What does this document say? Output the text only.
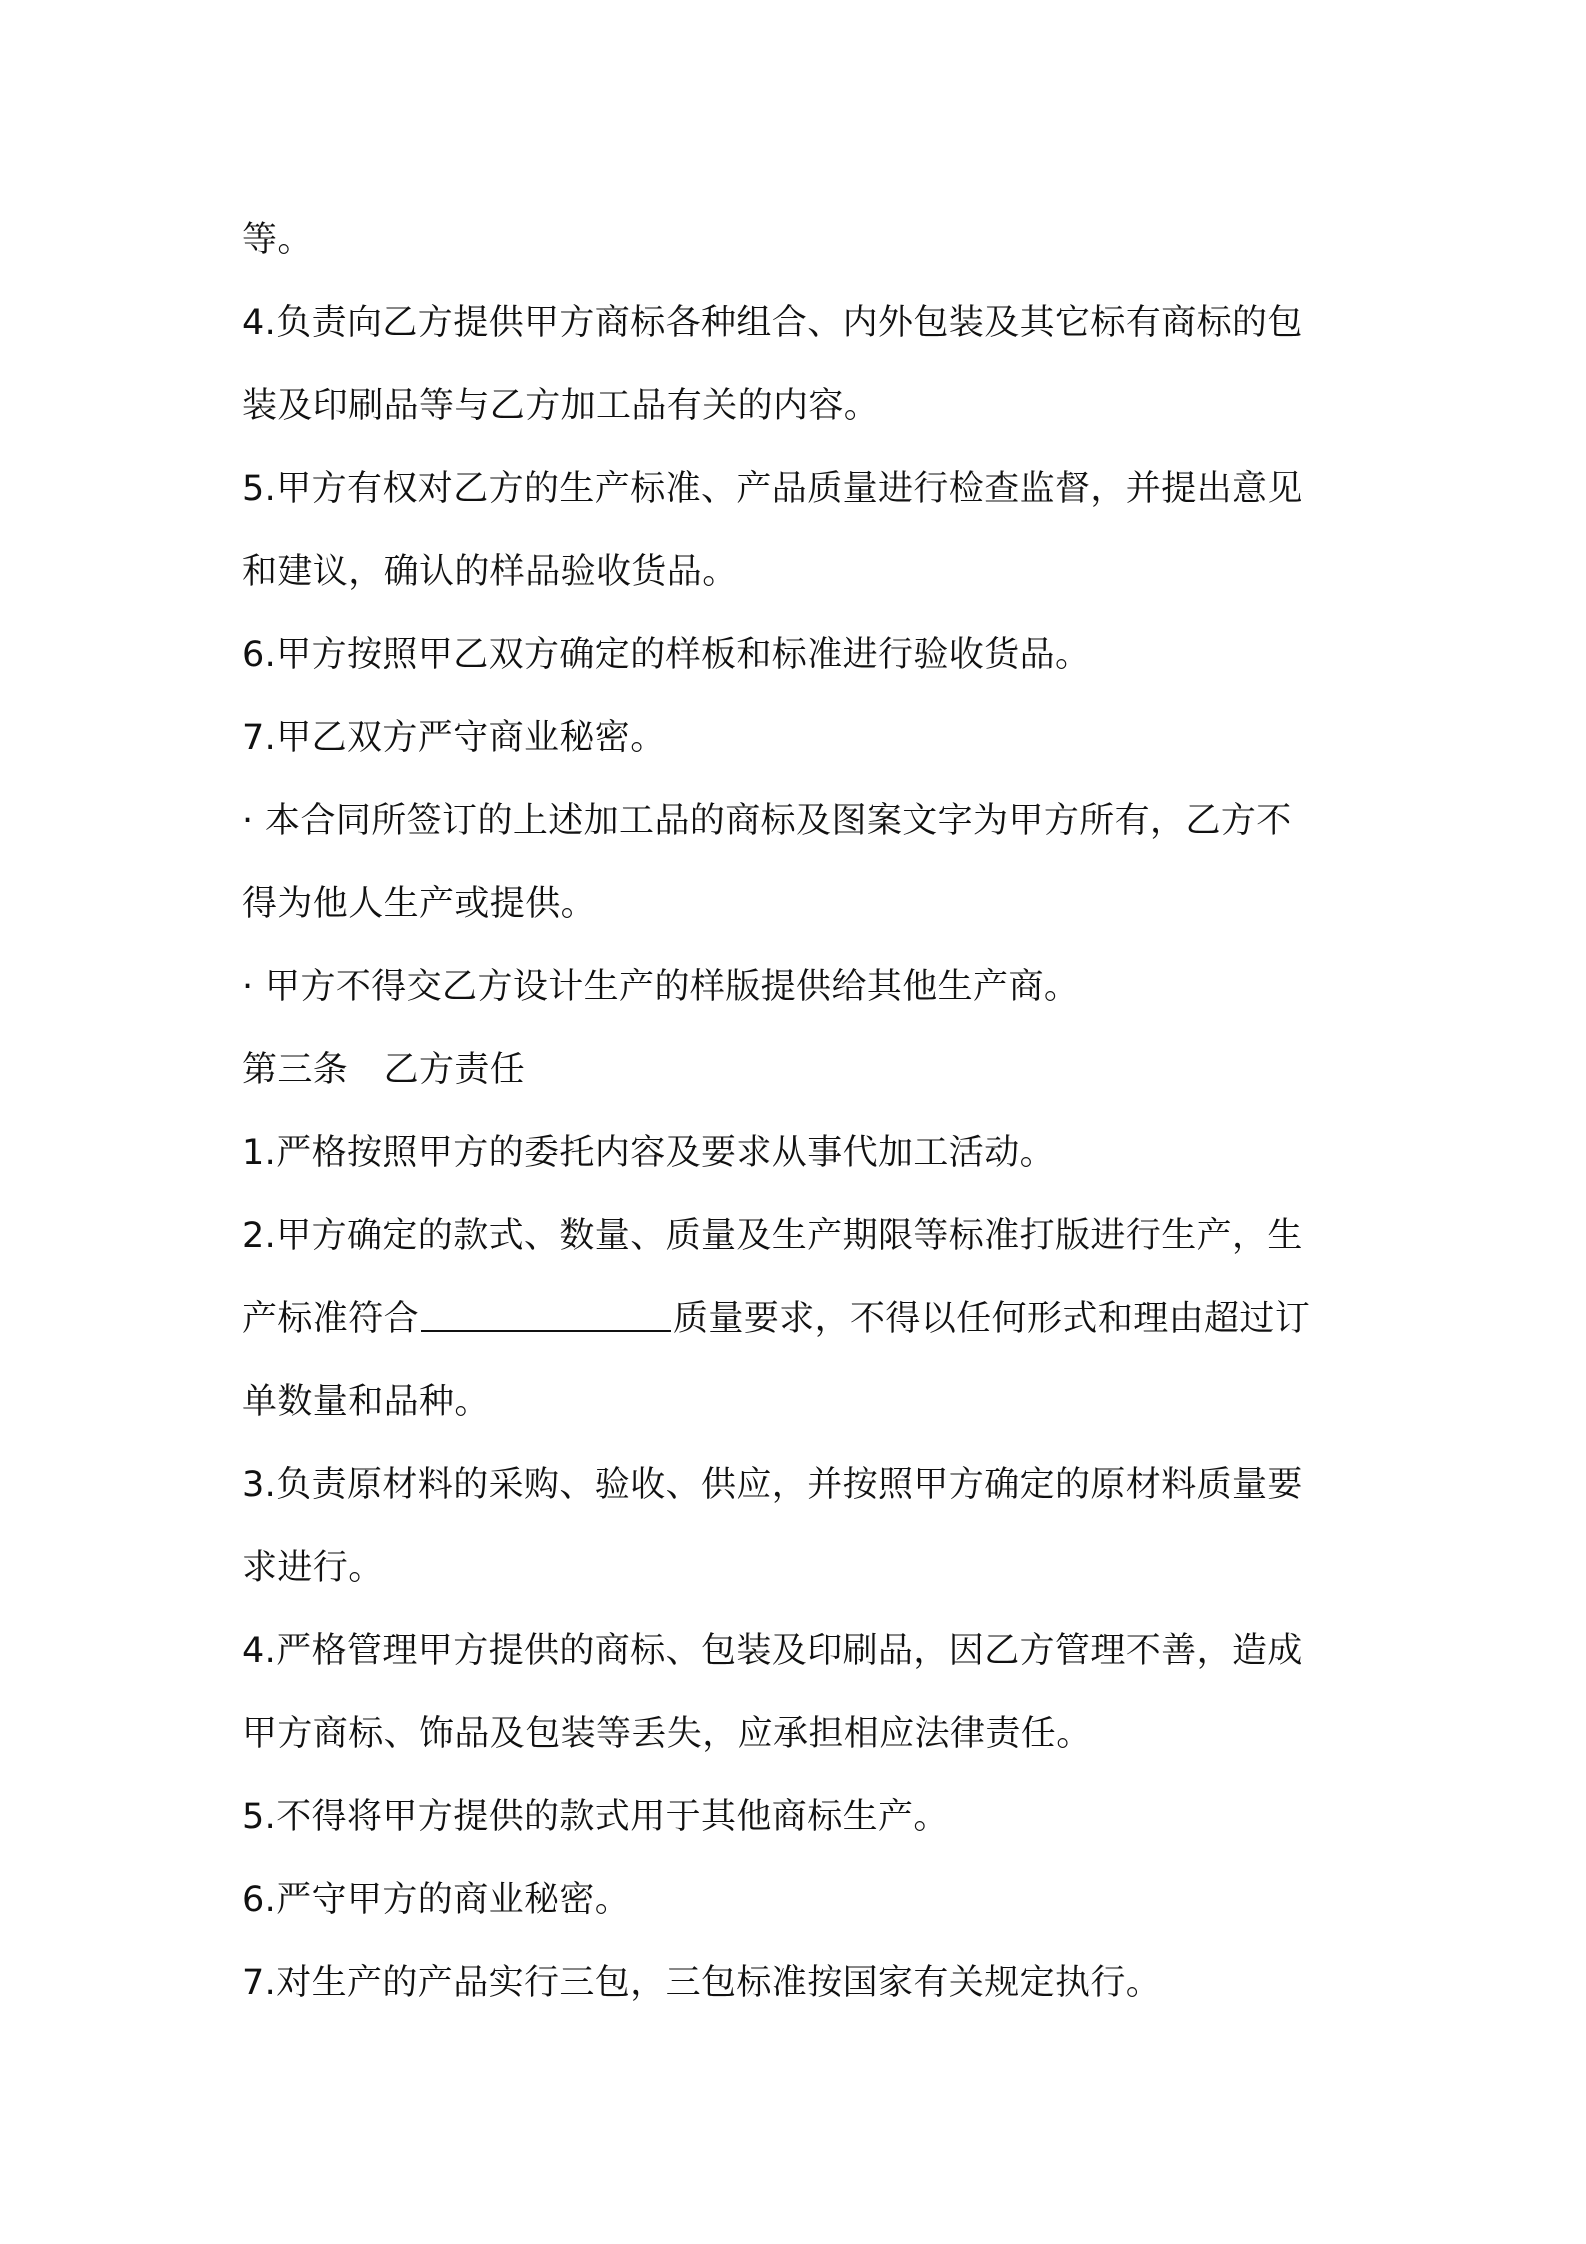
等。
4.负责向乙方提供甲方商标各种组合、内外包装及其它标有商标的包
装及印刷品等与乙方加工品有关的内容。
5.甲方有权对乙方的生产标准、产品质量进行检查监督，并提出意见
和建议，确认的样品验收货品。
6.甲方按照甲乙双方确定的样板和标准进行验收货品。
7.甲乙双方严守商业秘密。
· 本合同所签订的上述加工品的商标及图案文字为甲方所有，乙方不
得为他人生产或提供。
· 甲方不得交乙方设计生产的样版提供给其他生产商。
第三条　乙方责任
1.严格按照甲方的委托内容及要求从事代加工活动。
2.甲方确定的款式、数量、质量及生产期限等标准打版进行生产，生
产标准符合	质量要求，不得以任何形式和理由超过订
单数量和品种。
3.负责原材料的采购、验收、供应，并按照甲方确定的原材料质量要
求进行。
4.严格管理甲方提供的商标、包装及印刷品，因乙方管理不善，造成
甲方商标、饰品及包装等丢失，应承担相应法律责任。
5.不得将甲方提供的款式用于其他商标生产。
6.严守甲方的商业秘密。
7.对生产的产品实行三包，三包标准按国家有关规定执行。
